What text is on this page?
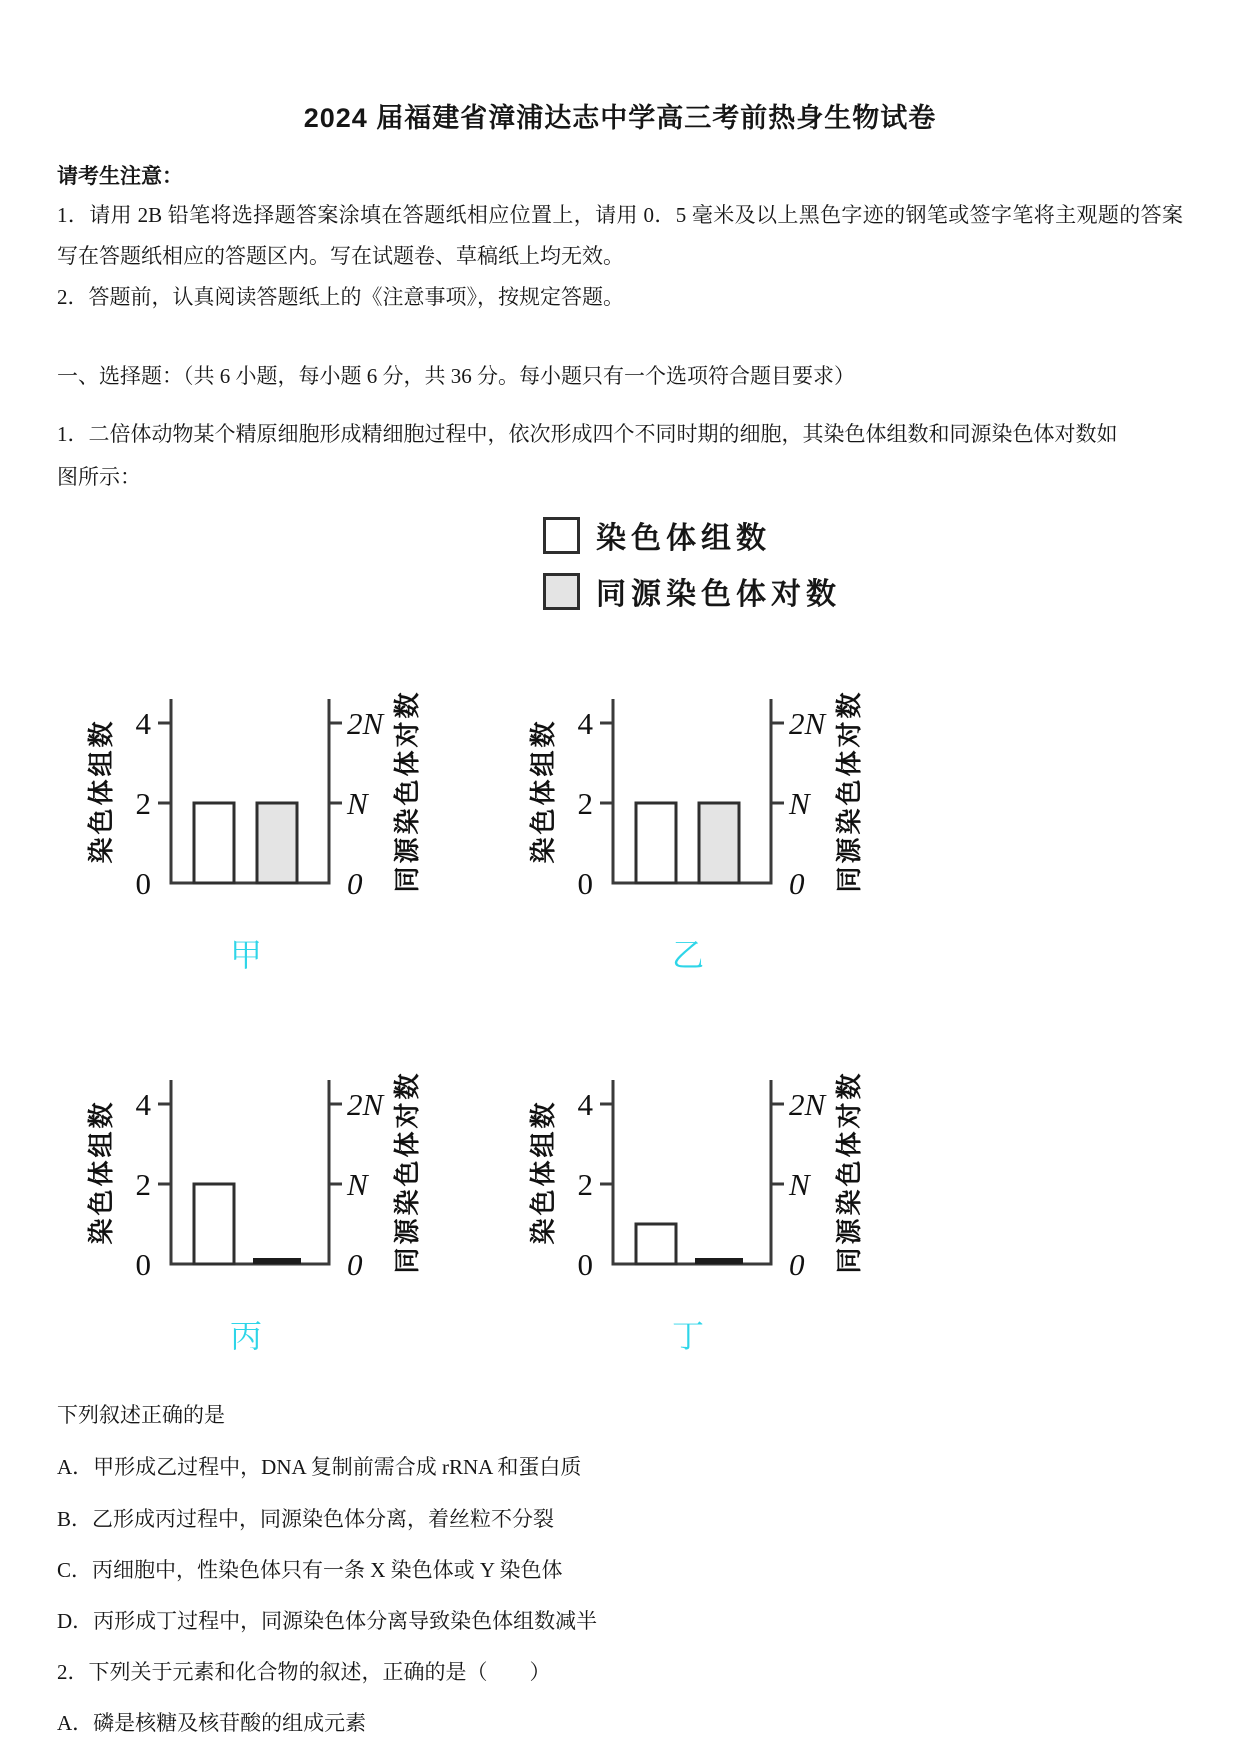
2024 届福建省漳浦达志中学高三考前热身生物试卷

请考生注意：

1．请用 2B 铅笔将选择题答案涂填在答题纸相应位置上，请用 0．5 毫米及以上黑色字迹的钢笔或签字笔将主观题的答案写在答题纸相应的答题区内。写在试题卷、草稿纸上均无效。

2．答题前，认真阅读答题纸上的《注意事项》，按规定答题。

一、选择题：（共 6 小题，每小题 6 分，共 36 分。每小题只有一个选项符合题目要求）

1．二倍体动物某个精原细胞形成精细胞过程中，依次形成四个不同时期的细胞，其染色体组数和同源染色体对数如
图所示：

染色体组数
同源染色体对数
0
2
4
0
N
2N
染色体组数	同源染色体对数
甲
0
2
4
0
N
2N
染色体组数	同源染色体对数
乙
0
2
4
0
N
2N
染色体组数	同源染色体对数
丙
0
2
4
0
N
2N
染色体组数	同源染色体对数
丁

下列叙述正确的是

A．甲形成乙过程中，DNA 复制前需合成 rRNA 和蛋白质

B．乙形成丙过程中，同源染色体分离，着丝粒不分裂

C．丙细胞中，性染色体只有一条 X 染色体或 Y 染色体

D．丙形成丁过程中，同源染色体分离导致染色体组数减半

2．下列关于元素和化合物的叙述，正确的是（　　）

A．磷是核糖及核苷酸的组成元素
